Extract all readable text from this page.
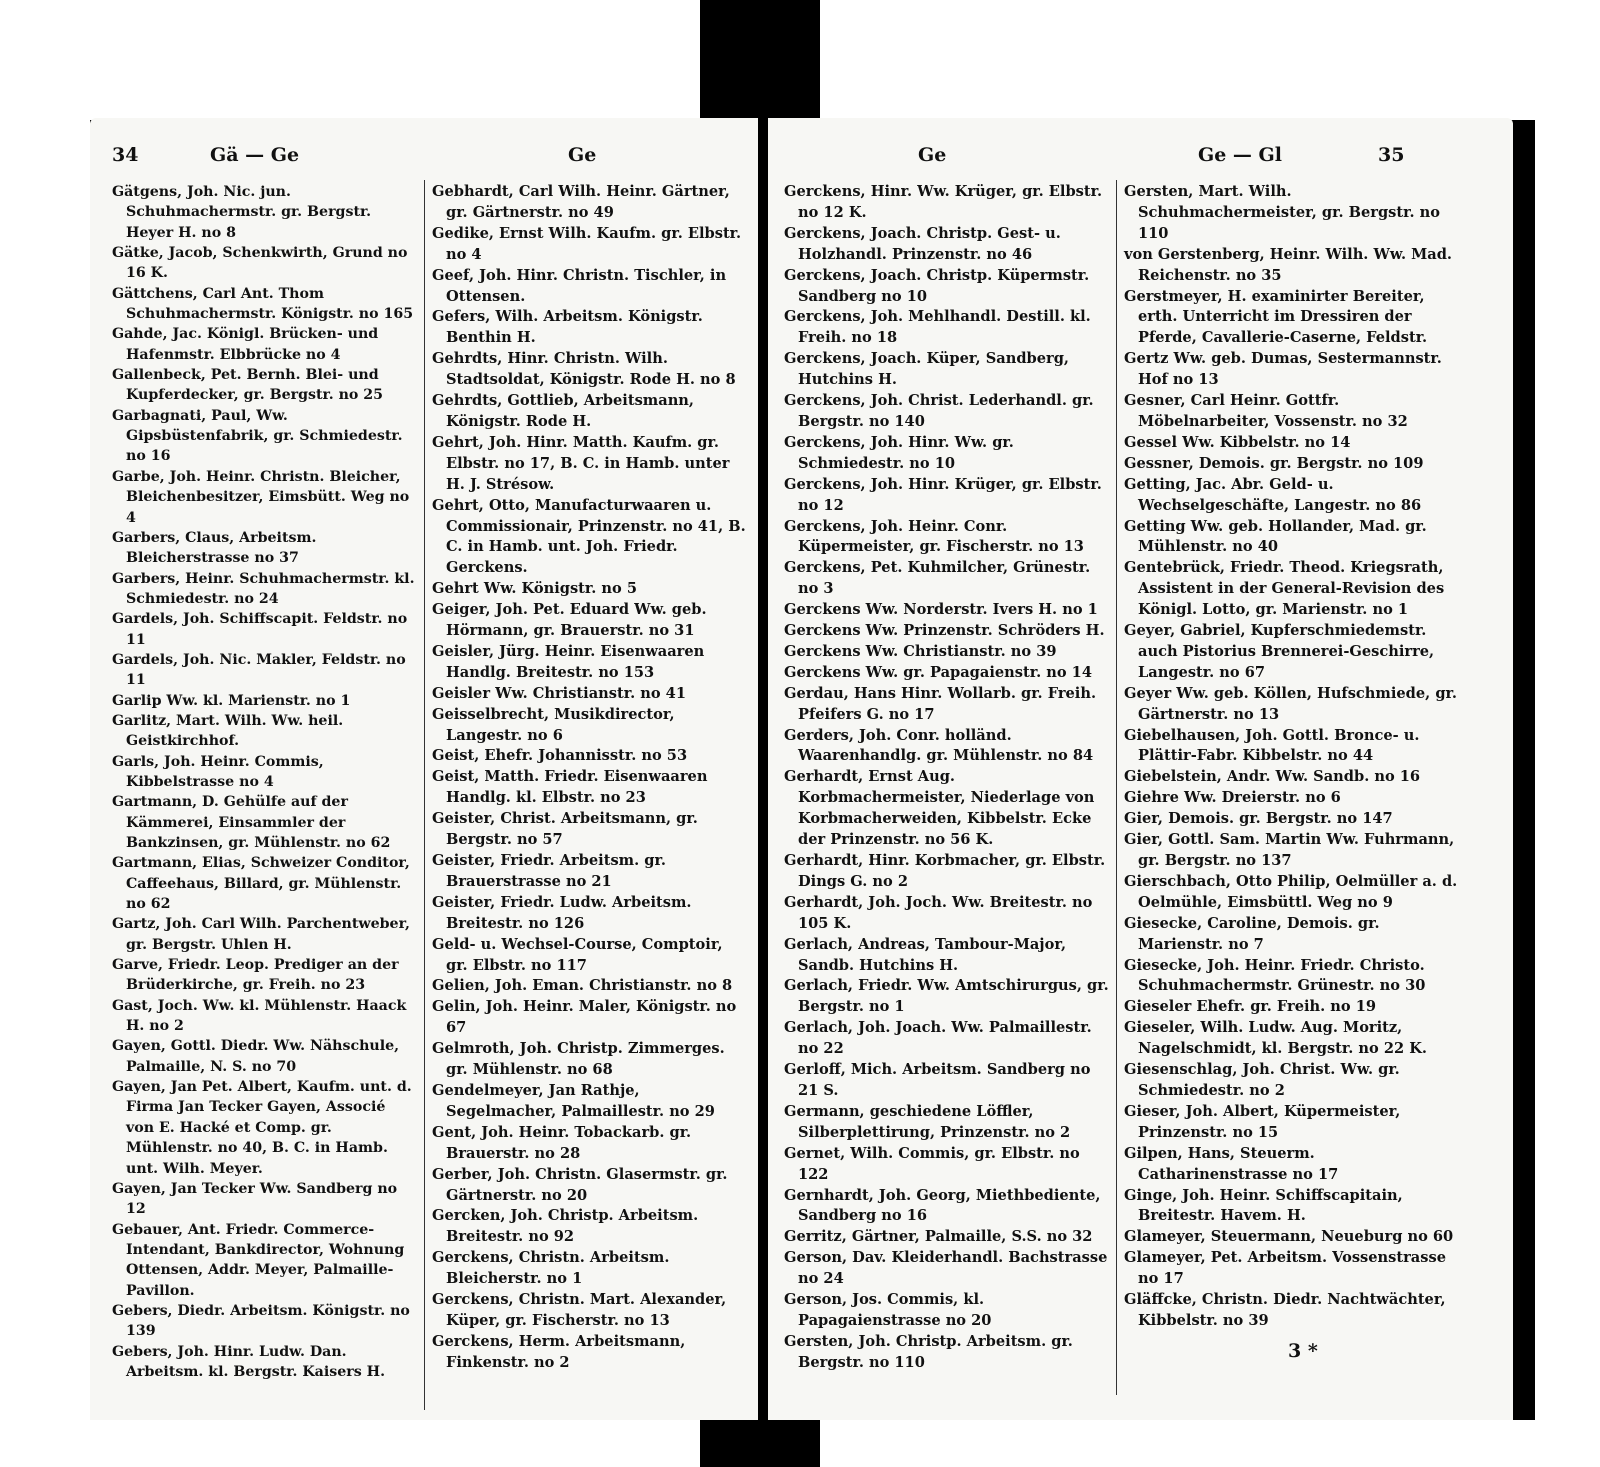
34	Gä — Ge	Ge

Gätgens, Joh. Nic. jun. Schuhmachermstr. gr. Bergstr. Heyer H. no 8

Gätke, Jacob, Schenkwirth, Grund no 16 K.

Gättchens, Carl Ant. Thom Schuhmachermstr. Königstr. no 165

Gahde, Jac. Königl. Brücken- und Hafenmstr. Elbbrücke no 4

Gallenbeck, Pet. Bernh. Blei- und Kupferdecker, gr. Bergstr. no 25

Garbagnati, Paul, Ww. Gipsbüstenfabrik, gr. Schmiedestr. no 16

Garbe, Joh. Heinr. Christn. Bleicher, Bleichenbesitzer, Eimsbütt. Weg no 4

Garbers, Claus, Arbeitsm. Bleicherstrasse no 37

Garbers, Heinr. Schuhmachermstr. kl. Schmiedestr. no 24

Gardels, Joh. Schiffscapit. Feldstr. no 11

Gardels, Joh. Nic. Makler, Feldstr. no 11

Garlip Ww. kl. Marienstr. no 1

Garlitz, Mart. Wilh. Ww. heil. Geistkirchhof.

Garls, Joh. Heinr. Commis, Kibbelstrasse no 4

Gartmann, D. Gehülfe auf der Kämmerei, Einsammler der Bankzinsen, gr. Mühlenstr. no 62

Gartmann, Elias, Schweizer Conditor, Caffeehaus, Billard, gr. Mühlenstr. no 62

Gartz, Joh. Carl Wilh. Parchentweber, gr. Bergstr. Uhlen H.

Garve, Friedr. Leop. Prediger an der Brüderkirche, gr. Freih. no 23

Gast, Joch. Ww. kl. Mühlenstr. Haack H. no 2

Gayen, Gottl. Diedr. Ww. Nähschule, Palmaille, N. S. no 70

Gayen, Jan Pet. Albert, Kaufm. unt. d. Firma Jan Tecker Gayen, Associé von E. Hacké et Comp. gr. Mühlenstr. no 40, B. C. in Hamb. unt. Wilh. Meyer.

Gayen, Jan Tecker Ww. Sandberg no 12

Gebauer, Ant. Friedr. Commerce-Intendant, Bankdirector, Wohnung Ottensen, Addr. Meyer, Palmaille-Pavillon.

Gebers, Diedr. Arbeitsm. Königstr. no 139

Gebers, Joh. Hinr. Ludw. Dan. Arbeitsm. kl. Bergstr. Kaisers H.

Gebhardt, Carl Wilh. Heinr. Gärtner, gr. Gärtnerstr. no 49

Gedike, Ernst Wilh. Kaufm. gr. Elbstr. no 4

Geef, Joh. Hinr. Christn. Tischler, in Ottensen.

Gefers, Wilh. Arbeitsm. Königstr. Benthin H.

Gehrdts, Hinr. Christn. Wilh. Stadtsoldat, Königstr. Rode H. no 8

Gehrdts, Gottlieb, Arbeitsmann, Königstr. Rode H.

Gehrt, Joh. Hinr. Matth. Kaufm. gr. Elbstr. no 17, B. C. in Hamb. unter H. J. Strésow.

Gehrt, Otto, Manufacturwaaren u. Commissionair, Prinzenstr. no 41, B. C. in Hamb. unt. Joh. Friedr. Gerckens.

Gehrt Ww. Königstr. no 5

Geiger, Joh. Pet. Eduard Ww. geb. Hörmann, gr. Brauerstr. no 31

Geisler, Jürg. Heinr. Eisenwaaren Handlg. Breitestr. no 153

Geisler Ww. Christianstr. no 41

Geisselbrecht, Musikdirector, Langestr. no 6

Geist, Ehefr. Johannisstr. no 53

Geist, Matth. Friedr. Eisenwaaren Handlg. kl. Elbstr. no 23

Geister, Christ. Arbeitsmann, gr. Bergstr. no 57

Geister, Friedr. Arbeitsm. gr. Brauerstrasse no 21

Geister, Friedr. Ludw. Arbeitsm. Breitestr. no 126

Geld- u. Wechsel-Course, Comptoir, gr. Elbstr. no 117

Gelien, Joh. Eman. Christianstr. no 8

Gelin, Joh. Heinr. Maler, Königstr. no 67

Gelmroth, Joh. Christp. Zimmerges. gr. Mühlenstr. no 68

Gendelmeyer, Jan Rathje, Segelmacher, Palmaillestr. no 29

Gent, Joh. Heinr. Tobackarb. gr. Brauerstr. no 28

Gerber, Joh. Christn. Glasermstr. gr. Gärtnerstr. no 20

Gercken, Joh. Christp. Arbeitsm. Breitestr. no 92

Gerckens, Christn. Arbeitsm. Bleicherstr. no 1

Gerckens, Christn. Mart. Alexander, Küper, gr. Fischerstr. no 13

Gerckens, Herm. Arbeitsmann, Finkenstr. no 2

Ge	Ge — Gl	35

Gerckens, Hinr. Ww. Krüger, gr. Elbstr. no 12 K.

Gerckens, Joach. Christp. Gest- u. Holzhandl. Prinzenstr. no 46

Gerckens, Joach. Christp. Küpermstr. Sandberg no 10

Gerckens, Joh. Mehlhandl. Destill. kl. Freih. no 18

Gerckens, Joach. Küper, Sandberg, Hutchins H.

Gerckens, Joh. Christ. Lederhandl. gr. Bergstr. no 140

Gerckens, Joh. Hinr. Ww. gr. Schmiedestr. no 10

Gerckens, Joh. Hinr. Krüger, gr. Elbstr. no 12

Gerckens, Joh. Heinr. Conr. Küpermeister, gr. Fischerstr. no 13

Gerckens, Pet. Kuhmilcher, Grünestr. no 3

Gerckens Ww. Norderstr. Ivers H. no 1

Gerckens Ww. Prinzenstr. Schröders H.

Gerckens Ww. Christianstr. no 39

Gerckens Ww. gr. Papagaienstr. no 14

Gerdau, Hans Hinr. Wollarb. gr. Freih. Pfeifers G. no 17

Gerders, Joh. Conr. holländ. Waarenhandlg. gr. Mühlenstr. no 84

Gerhardt, Ernst Aug. Korbmachermeister, Niederlage von Korbmacherweiden, Kibbelstr. Ecke der Prinzenstr. no 56 K.

Gerhardt, Hinr. Korbmacher, gr. Elbstr. Dings G. no 2

Gerhardt, Joh. Joch. Ww. Breitestr. no 105 K.

Gerlach, Andreas, Tambour-Major, Sandb. Hutchins H.

Gerlach, Friedr. Ww. Amtschirurgus, gr. Bergstr. no 1

Gerlach, Joh. Joach. Ww. Palmaillestr. no 22

Gerloff, Mich. Arbeitsm. Sandberg no 21 S.

Germann, geschiedene Löffler, Silberplettirung, Prinzenstr. no 2

Gernet, Wilh. Commis, gr. Elbstr. no 122

Gernhardt, Joh. Georg, Miethbediente, Sandberg no 16

Gerritz, Gärtner, Palmaille, S.S. no 32

Gerson, Dav. Kleiderhandl. Bachstrasse no 24

Gerson, Jos. Commis, kl. Papagaienstrasse no 20

Gersten, Joh. Christp. Arbeitsm. gr. Bergstr. no 110

Gersten, Mart. Wilh. Schuhmachermeister, gr. Bergstr. no 110

von Gerstenberg, Heinr. Wilh. Ww. Mad. Reichenstr. no 35

Gerstmeyer, H. examinirter Bereiter, erth. Unterricht im Dressiren der Pferde, Cavallerie-Caserne, Feldstr.

Gertz Ww. geb. Dumas, Sestermannstr. Hof no 13

Gesner, Carl Heinr. Gottfr. Möbelnarbeiter, Vossenstr. no 32

Gessel Ww. Kibbelstr. no 14

Gessner, Demois. gr. Bergstr. no 109

Getting, Jac. Abr. Geld- u. Wechselgeschäfte, Langestr. no 86

Getting Ww. geb. Hollander, Mad. gr. Mühlenstr. no 40

Gentebrück, Friedr. Theod. Kriegsrath, Assistent in der General-Revision des Königl. Lotto, gr. Marienstr. no 1

Geyer, Gabriel, Kupferschmiedemstr. auch Pistorius Brennerei-Geschirre, Langestr. no 67

Geyer Ww. geb. Köllen, Hufschmiede, gr. Gärtnerstr. no 13

Giebelhausen, Joh. Gottl. Bronce- u. Plättir-Fabr. Kibbelstr. no 44

Giebelstein, Andr. Ww. Sandb. no 16

Giehre Ww. Dreierstr. no 6

Gier, Demois. gr. Bergstr. no 147

Gier, Gottl. Sam. Martin Ww. Fuhrmann, gr. Bergstr. no 137

Gierschbach, Otto Philip, Oelmüller a. d. Oelmühle, Eimsbüttl. Weg no 9

Giesecke, Caroline, Demois. gr. Marienstr. no 7

Giesecke, Joh. Heinr. Friedr. Christo. Schuhmachermstr. Grünestr. no 30

Gieseler Ehefr. gr. Freih. no 19

Gieseler, Wilh. Ludw. Aug. Moritz, Nagelschmidt, kl. Bergstr. no 22 K.

Giesenschlag, Joh. Christ. Ww. gr. Schmiedestr. no 2

Gieser, Joh. Albert, Küpermeister, Prinzenstr. no 15

Gilpen, Hans, Steuerm. Catharinenstrasse no 17

Ginge, Joh. Heinr. Schiffscapitain, Breitestr. Havem. H.

Glameyer, Steuermann, Neueburg no 60

Glameyer, Pet. Arbeitsm. Vossenstrasse no 17

Gläffcke, Christn. Diedr. Nachtwächter, Kibbelstr. no 39

3 *
